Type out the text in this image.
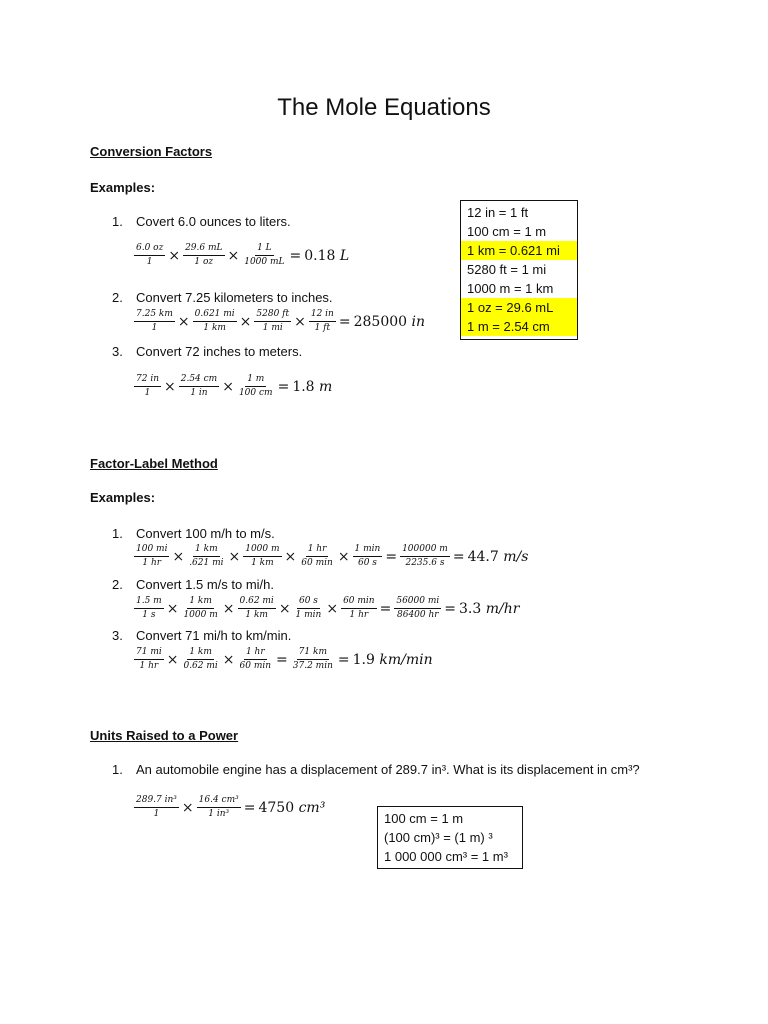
The Mole Equations
Conversion Factors
Examples:
1. Covert 6.0 ounces to liters.
$\frac{6.0 oz}{1} \times \frac{29.6 mL}{1 oz} \times \frac{1 L}{1000 mL} = 0.18$ L
2. Convert 7.25 kilometers to inches.
$\frac{7.25 km}{1} \times \frac{0.621 mi}{1 km} \times \frac{5280 ft}{1 mi} \times \frac{12 in}{1 ft} = 285000$ in
3. Convert 72 inches to meters.
$\frac{72 in}{1} \times \frac{2.54 cm}{1 in} \times \frac{1 m}{100 cm} = 1.8$ m
12 in = 1 ft
100 cm = 1 m
1 km = 0.621 mi
5280 ft = 1 mi
1000 m = 1 km
1 oz = 29.6 mL
1 m = 2.54 cm
Factor-Label Method
Examples:
1. Convert 100 m/h to m/s.
$\frac{100 mi}{1 hr} \times \frac{1 km}{.621 mi} \times \frac{1000 m}{1 km} \times \frac{1 hr}{60 \min} \times \frac{1 \min}{60 s} = \frac{100000 m}{2235.6 s} = 44.7$ m/s
2. Convert 1.5 m/s to mi/h.
$\frac{1.5 m}{1 s} \times \frac{1 km}{1000 m} \times \frac{0.62 mi}{1 km} \times \frac{60 s}{1 \min} \times \frac{60 \min}{1 hr} = \frac{56000 mi}{86400 hr} = 3.3$ m/hr
3. Convert 71 mi/h to km/min.
$\frac{71 mi}{1 hr} \times \frac{1 km}{0.62 mi} \times \frac{1 hr}{60 \min} = \frac{71 km}{37.2 \min} = 1.9$ km/min
Units Raised to a Power
1. An automobile engine has a displacement of 289.7 in³. What is its displacement in cm³?
$\frac{\text{289.7 in³}}{1} \times \frac{\text{16.4 cm³}}{\text{1 in³}} = 4750$ cm³
100 cm = 1 m
(100 cm)³ = (1 m) ³
1 000 000 cm³ = 1 m³
